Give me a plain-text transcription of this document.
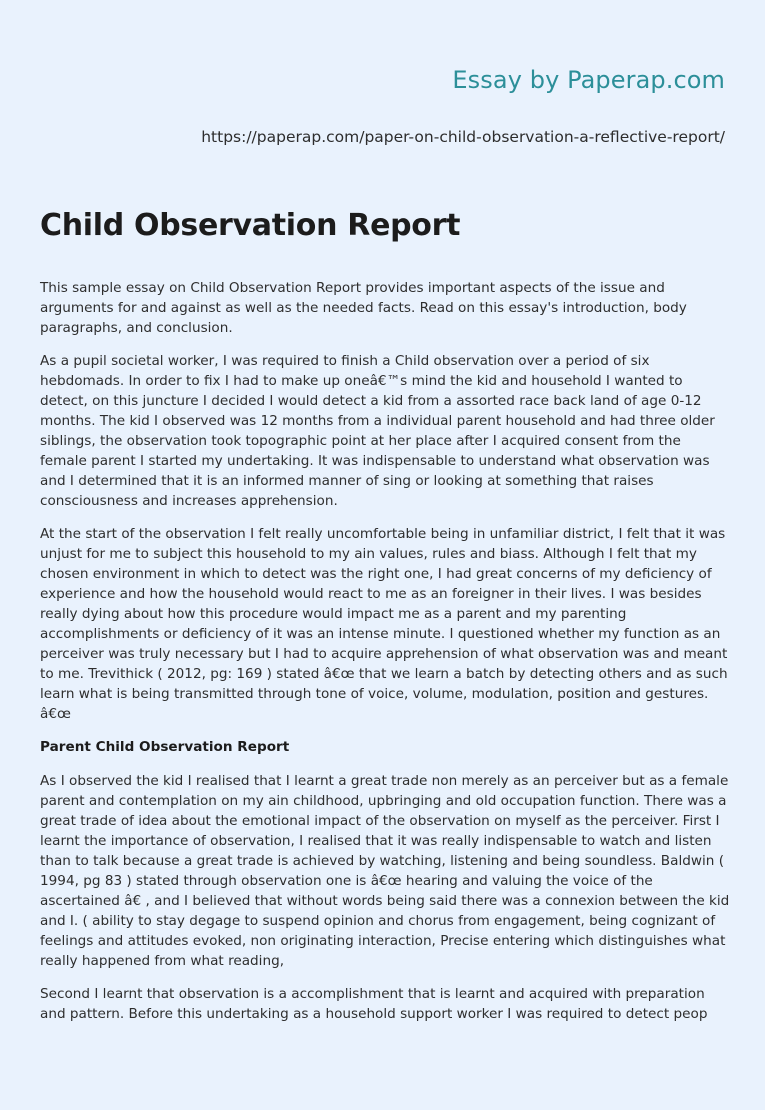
Essay by Paperap.com
https://paperap.com/paper-on-child-observation-a-reflective-report/
Child Observation Report

This sample essay on Child Observation Report provides important aspects of the issue and arguments for and against as well as the needed facts. Read on this essay's introduction, body paragraphs, and conclusion.

As a pupil societal worker, I was required to finish a Child observation over a period of six hebdomads. In order to fix I had to make up oneâ€™s mind the kid and household I wanted to detect, on this juncture I decided I would detect a kid from a assorted race back land of age 0-12 months. The kid I observed was 12 months from a individual parent household and had three older siblings, the observation took topographic point at her place after I acquired consent from the female parent I started my undertaking. It was indispensable to understand what observation was and I determined that it is an informed manner of sing or looking at something that raises consciousness and increases apprehension.

At the start of the observation I felt really uncomfortable being in unfamiliar district, I felt that it was unjust for me to subject this household to my ain values, rules and biass. Although I felt that my chosen environment in which to detect was the right one, I had great concerns of my deficiency of experience and how the household would react to me as an foreigner in their lives. I was besides really dying about how this procedure would impact me as a parent and my parenting accomplishments or deficiency of it was an intense minute. I questioned whether my function as an perceiver was truly necessary but I had to acquire apprehension of what observation was and meant to me. Trevithick ( 2012, pg: 169 ) stated â€œ that we learn a batch by detecting others and as such learn what is being transmitted through tone of voice, volume, modulation, position and gestures. â€œ

Parent Child Observation Report

As I observed the kid I realised that I learnt a great trade non merely as an perceiver but as a female parent and contemplation on my ain childhood, upbringing and old occupation function. There was a great trade of idea about the emotional impact of the observation on myself as the perceiver. First I learnt the importance of observation, I realised that it was really indispensable to watch and listen than to talk because a great trade is achieved by watching, listening and being soundless. Baldwin ( 1994, pg 83 ) stated through observation one is â€œ hearing and valuing the voice of the ascertained â€ , and I believed that without words being said there was a connexion between the kid and I. ( ability to stay degage to suspend opinion and chorus from engagement, being cognizant of feelings and attitudes evoked, non originating interaction, Precise entering which distinguishes what really happened from what reading,

Second I learnt that observation is a accomplishment that is learnt and acquired with preparation and pattern. Before this undertaking as a household support worker I was required to detect peop
